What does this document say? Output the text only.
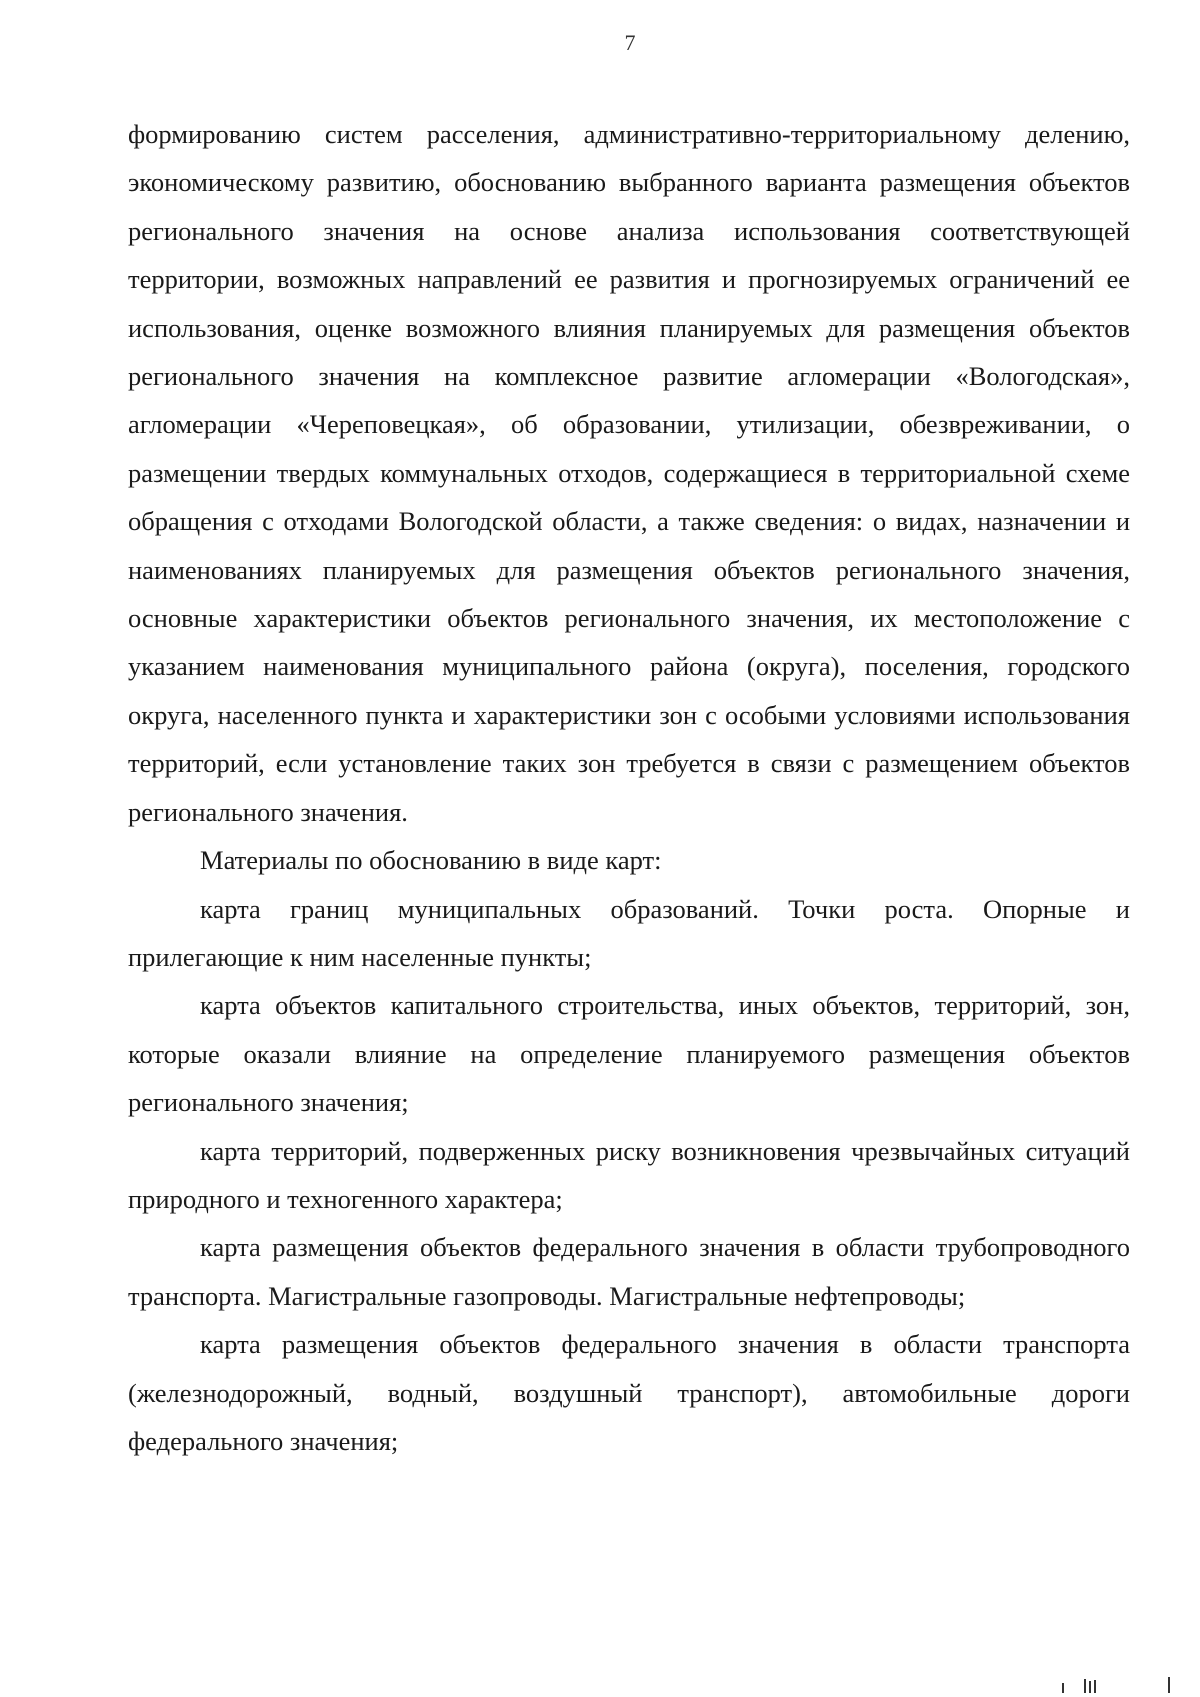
7

формированию систем расселения, административно-территориальному делению, экономическому развитию, обоснованию выбранного варианта размещения объектов регионального значения на основе анализа использования соответствующей территории, возможных направлений ее развития и прогнозируемых ограничений ее использования, оценке возможного влияния планируемых для размещения объектов регионального значения на комплексное развитие агломерации «Вологодская», агломерации «Череповецкая», об образовании, утилизации, обезвреживании, о размещении твердых коммунальных отходов, содержащиеся в территориальной схеме обращения с отходами Вологодской области, а также сведения: о видах, назначении и наименованиях планируемых для размещения объектов регионального значения, основные характеристики объектов регионального значения, их местоположение с указанием наименования муниципального района (округа), поселения, городского округа, населенного пункта и характеристики зон с особыми условиями использования территорий, если установление таких зон требуется в связи с размещением объектов регионального значения.

Материалы по обоснованию в виде карт:

карта границ муниципальных образований. Точки роста. Опорные и прилегающие к ним населенные пункты;

карта объектов капитального строительства, иных объектов, территорий, зон, которые оказали влияние на определение планируемого размещения объектов регионального значения;

карта территорий, подверженных риску возникновения чрезвычайных ситуаций природного и техногенного характера;

карта размещения объектов федерального значения в области трубопроводного транспорта. Магистральные газопроводы. Магистральные нефтепроводы;

карта размещения объектов федерального значения в области транспорта (железнодорожный, водный, воздушный транспорт), автомобильные дороги федерального значения;
